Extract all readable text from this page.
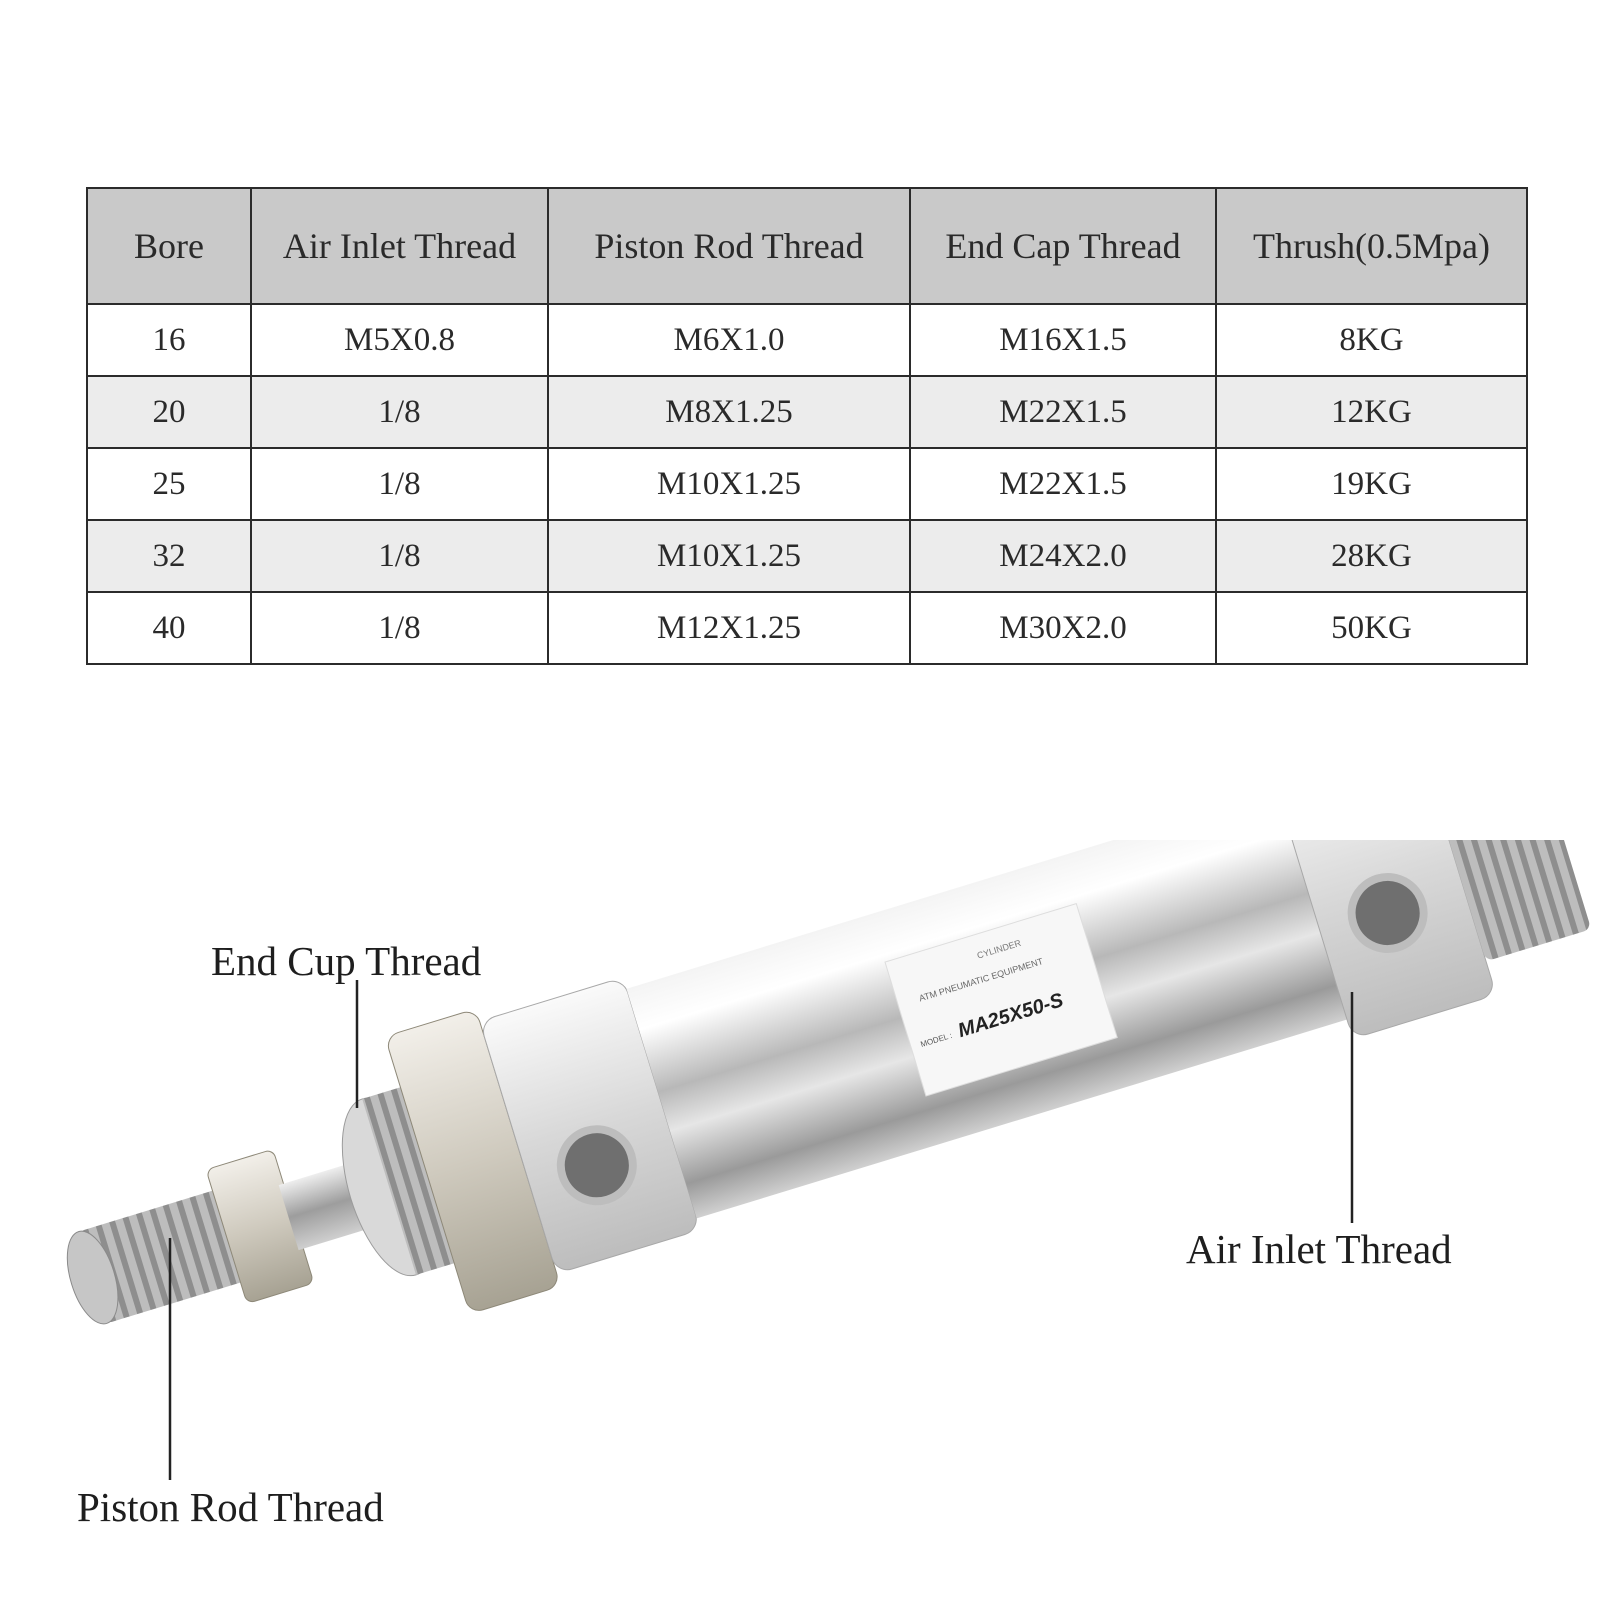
Bore	Air Inlet Thread	Piston Rod Thread	End Cap Thread	Thrush(0.5Mpa)
16	M5X0.8	M6X1.0	M16X1.5	8KG
20	1/8	M8X1.25	M22X1.5	12KG
25	1/8	M10X1.25	M22X1.5	19KG
32	1/8	M10X1.25	M24X2.0	28KG
40	1/8	M12X1.25	M30X2.0	50KG
CYLINDER
ATM PNEUMATIC EQUIPMENT
MODEL : MA25X50-S
End Cup Thread
Air Inlet Thread
Piston Rod Thread
